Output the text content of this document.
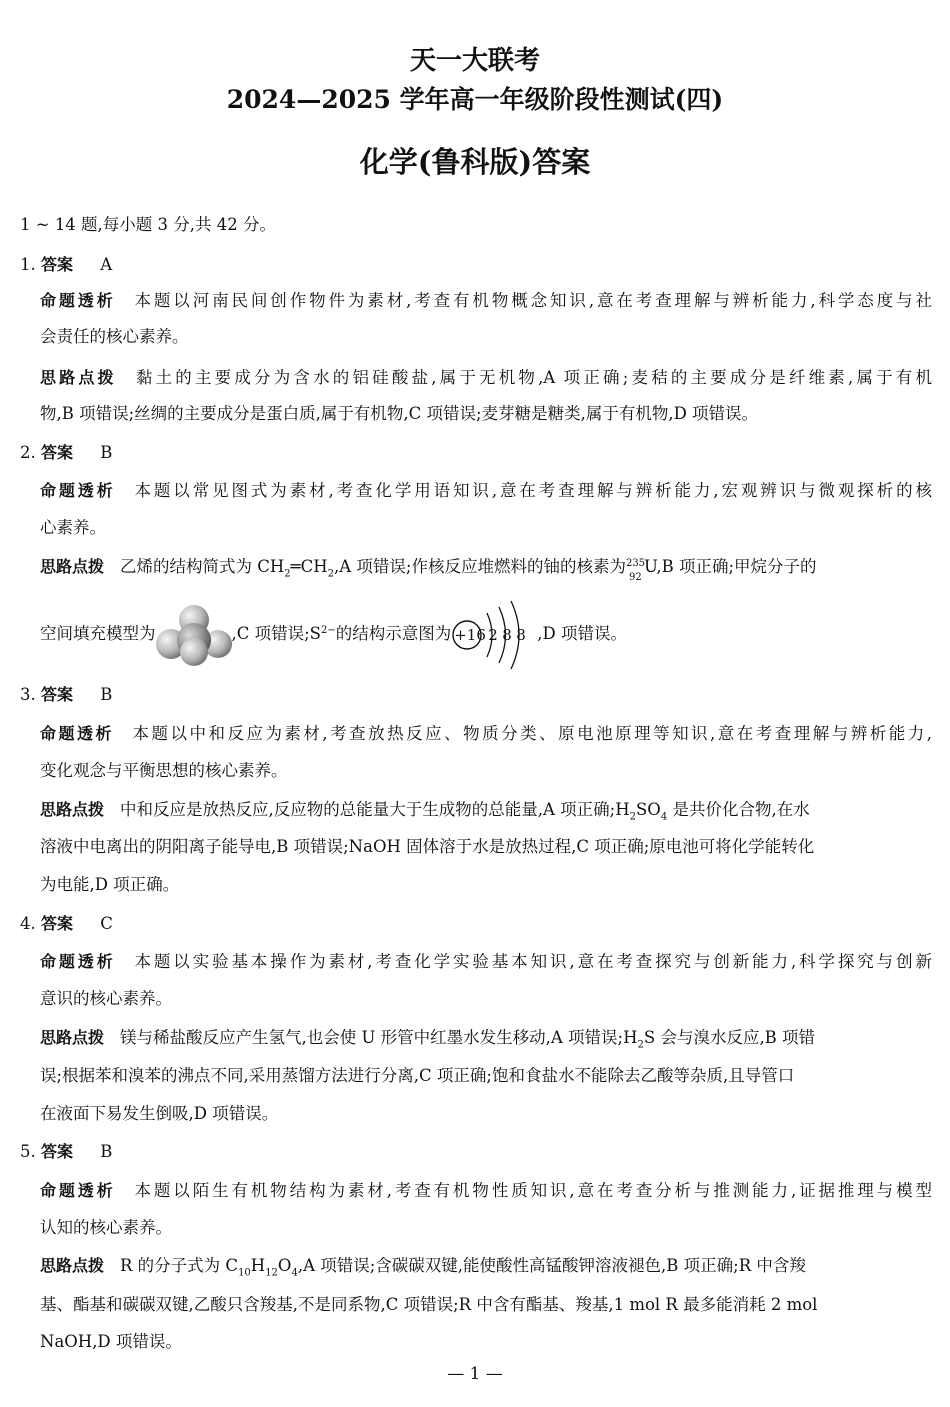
天一大联考
2024—2025 学年高一年级阶段性测试(四)
化学(鲁科版)答案
1 ~ 14 题,每小题 3 分,共 42 分。
1. 答案 A
命题透析 本题以河南民间创作物件为素材,考查有机物概念知识,意在考查理解与辨析能力,科学态度与社
会责任的核心素养。
思路点拨 黏土的主要成分为含水的铝硅酸盐,属于无机物,A 项正确;麦秸的主要成分是纤维素,属于有机
物,B 项错误;丝绸的主要成分是蛋白质,属于有机物,C 项错误;麦芽糖是糖类,属于有机物,D 项错误。
2. 答案 B
命题透析 本题以常见图式为素材,考查化学用语知识,意在考查理解与辨析能力,宏观辨识与微观探析的核
心素养。
思路点拨 乙烯的结构简式为 $CH_2═CH_2,A$ 项错误;作核反应堆燃料的铀的核素为 235
92
U,B 项正确;甲烷分子的
空间填充模型为	,C 项错误$;S^{2-}$的结构示意图为 +16 2 8 8 ,D 项错误。
3. 答案 B
命题透析 本题以中和反应为素材,考查放热反应、物质分类、原电池原理等知识,意在考查理解与辨析能力,
变化观念与平衡思想的核心素养。
思路点拨 中和反应是放热反应,反应物的总能量大于生成物的总能量,A 项正确$;H_2SO_4$ 是共价化合物,在水
溶液中电离出的阴阳离子能导电,B 项错误;NaOH 固体溶于水是放热过程,C 项正确;原电池可将化学能转化
为电能,D 项正确。
4. 答案 C
命题透析 本题以实验基本操作为素材,考查化学实验基本知识,意在考查探究与创新能力,科学探究与创新
意识的核心素养。
思路点拨 镁与稀盐酸反应产生氢气,也会使 U 形管中红墨水发生移动,A 项错误$;H_2S$ 会与溴水反应,B 项错
误;根据苯和溴苯的沸点不同,采用蒸馏方法进行分离,C 项正确;饱和食盐水不能除去乙酸等杂质,且导管口
在液面下易发生倒吸,D 项错误。
5. 答案 B
命题透析 本题以陌生有机物结构为素材,考查有机物性质知识,意在考查分析与推测能力,证据推理与模型
认知的核心素养。
思路点拨 R 的分子式为 $C_{10}H_{12}O_4,A$ 项错误;含碳碳双键,能使酸性高锰酸钾溶液褪色,B 项正确;R 中含羧
基、酯基和碳碳双键,乙酸只含羧基,不是同系物,C 项错误;R 中含有酯基、羧基,1 mol R 最多能消耗 2 mol
NaOH,D 项错误。
— 1 —
